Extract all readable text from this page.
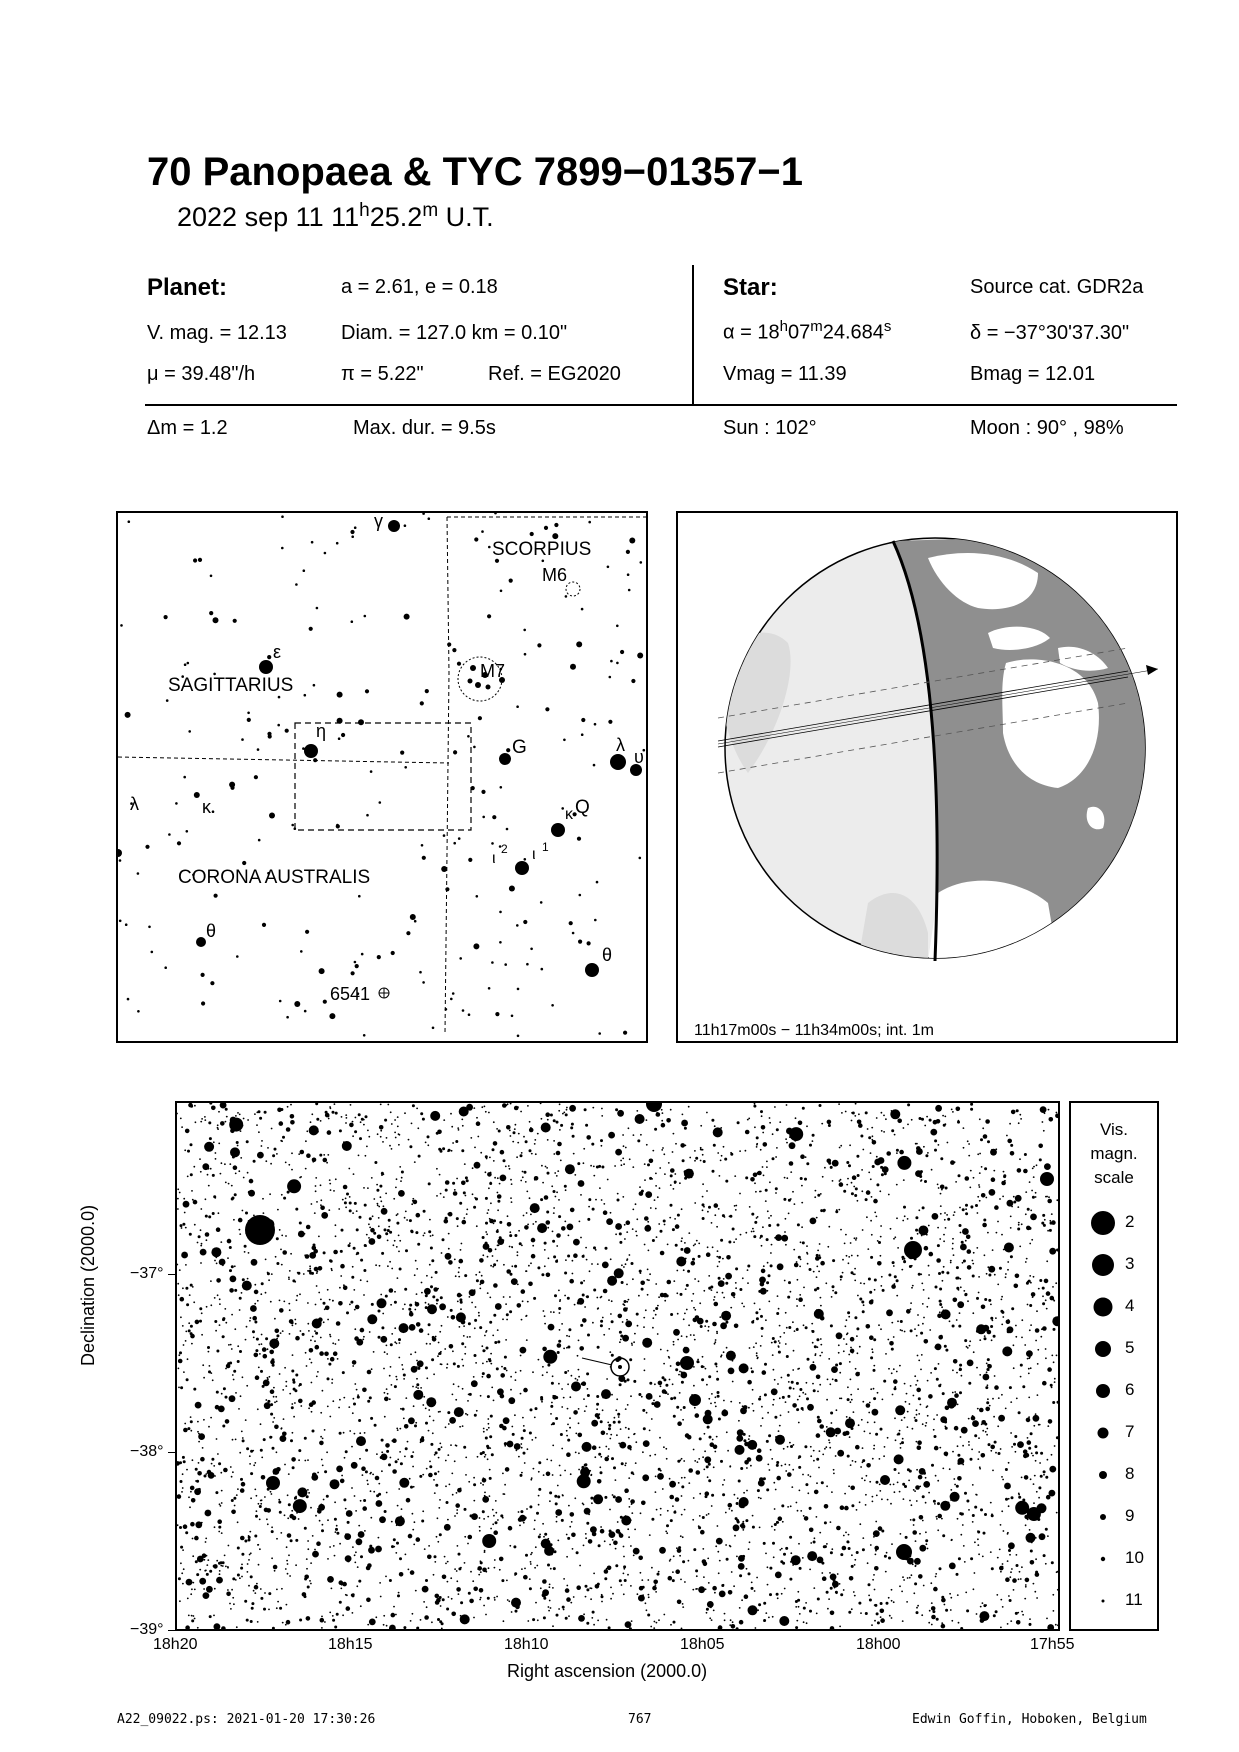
70 Panopaea & TYC 7899−01357−1
2022 sep 11 11$^h$25.2$^m$ U.T.
Planet:	a = 2.61, e = 0.18
V. mag. = 12.13	Diam. = 127.0 km = 0.10"
μ = 39.48"/h	π = 5.22"	Ref. = EG2020
Star:	Source cat. GDR2a
$\alpha = 18^h07^m24.684^s$	δ = −37°30'37.30"
Vmag = 11.39	Bmag = 12.01
Δm = 1.2	Max. dur. = 9.5s	Sun : 102°	Moon : 90° , 98%
SCORPIUS
SAGITTARIUS
CORONA AUSTRALIS
γ
ε
η
λ	κ
θ
M6
M7
G	λ
υ
κ Q
ι
2 ι 1
θ
6541
11h17m00s − 11h34m00s; int. 1m
Declination (2000.0) −37°
−38°
−39°
18h20	18h15	18h10	18h05	18h00	17h55
Right ascension (2000.0)
Vis.
magn.
scale
2
3
4
5
6
7
8
9
10
11
A22_09022.ps: 2021-01-20 17:30:26	767	Edwin Goffin, Hoboken, Belgium
